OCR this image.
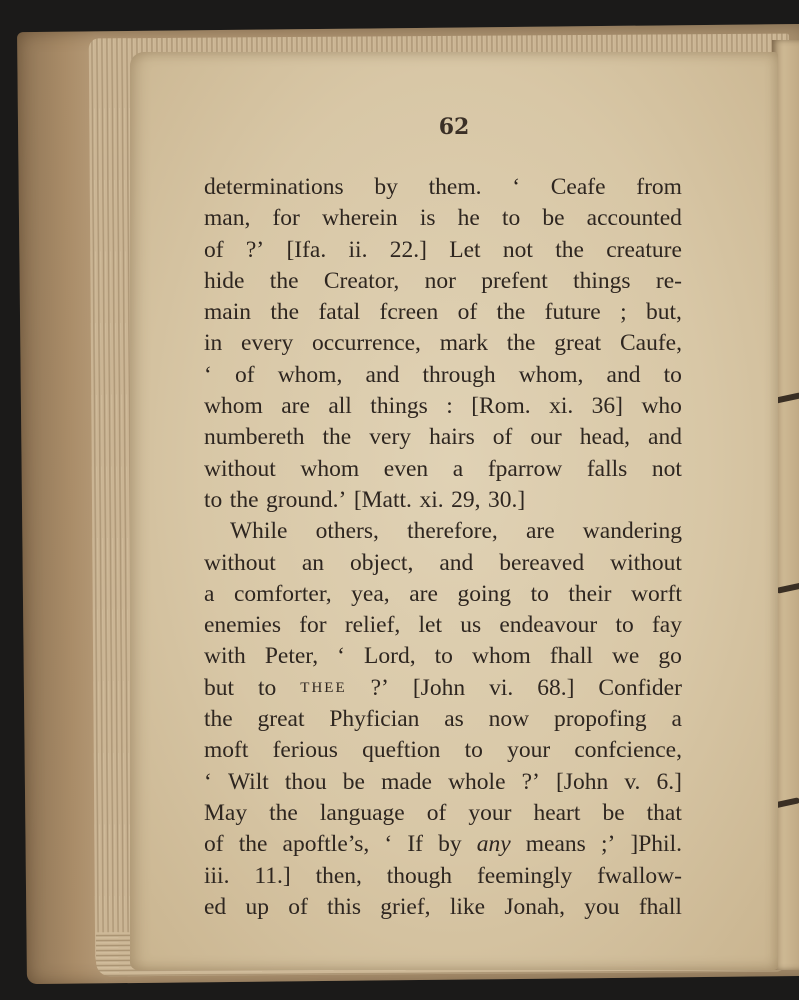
62
determinations by them. ‘ Ceafe from
man, for wherein is he to be accounted
of ?’ [Ifa. ii. 22.] Let not the creature
hide the Creator, nor prefent things re-
main the fatal fcreen of the future ; but,
in every occurrence, mark the great Caufe,
‘ of whom, and through whom, and to
whom are all things : [Rom. xi. 36] who
numbereth the very hairs of our head, and
without whom even a fparrow falls not
to the ground.’ [Matt. xi. 29, 30.]
While others, therefore, are wandering
without an object, and bereaved without
a comforter, yea, are going to their worft
enemies for relief, let us endeavour to fay
with Peter, ‘ Lord, to whom fhall we go
but to THEE ?’ [John vi. 68.] Confider
the great Phyfician as now propofing a
moft ferious queftion to your confcience,
‘ Wilt thou be made whole ?’ [John v. 6.]
May the language of your heart be that
of the apoftle’s, ‘ If by any means ;’ ]Phil.
iii. 11.] then, though feemingly fwallow-
ed up of this grief, like Jonah, you fhall
